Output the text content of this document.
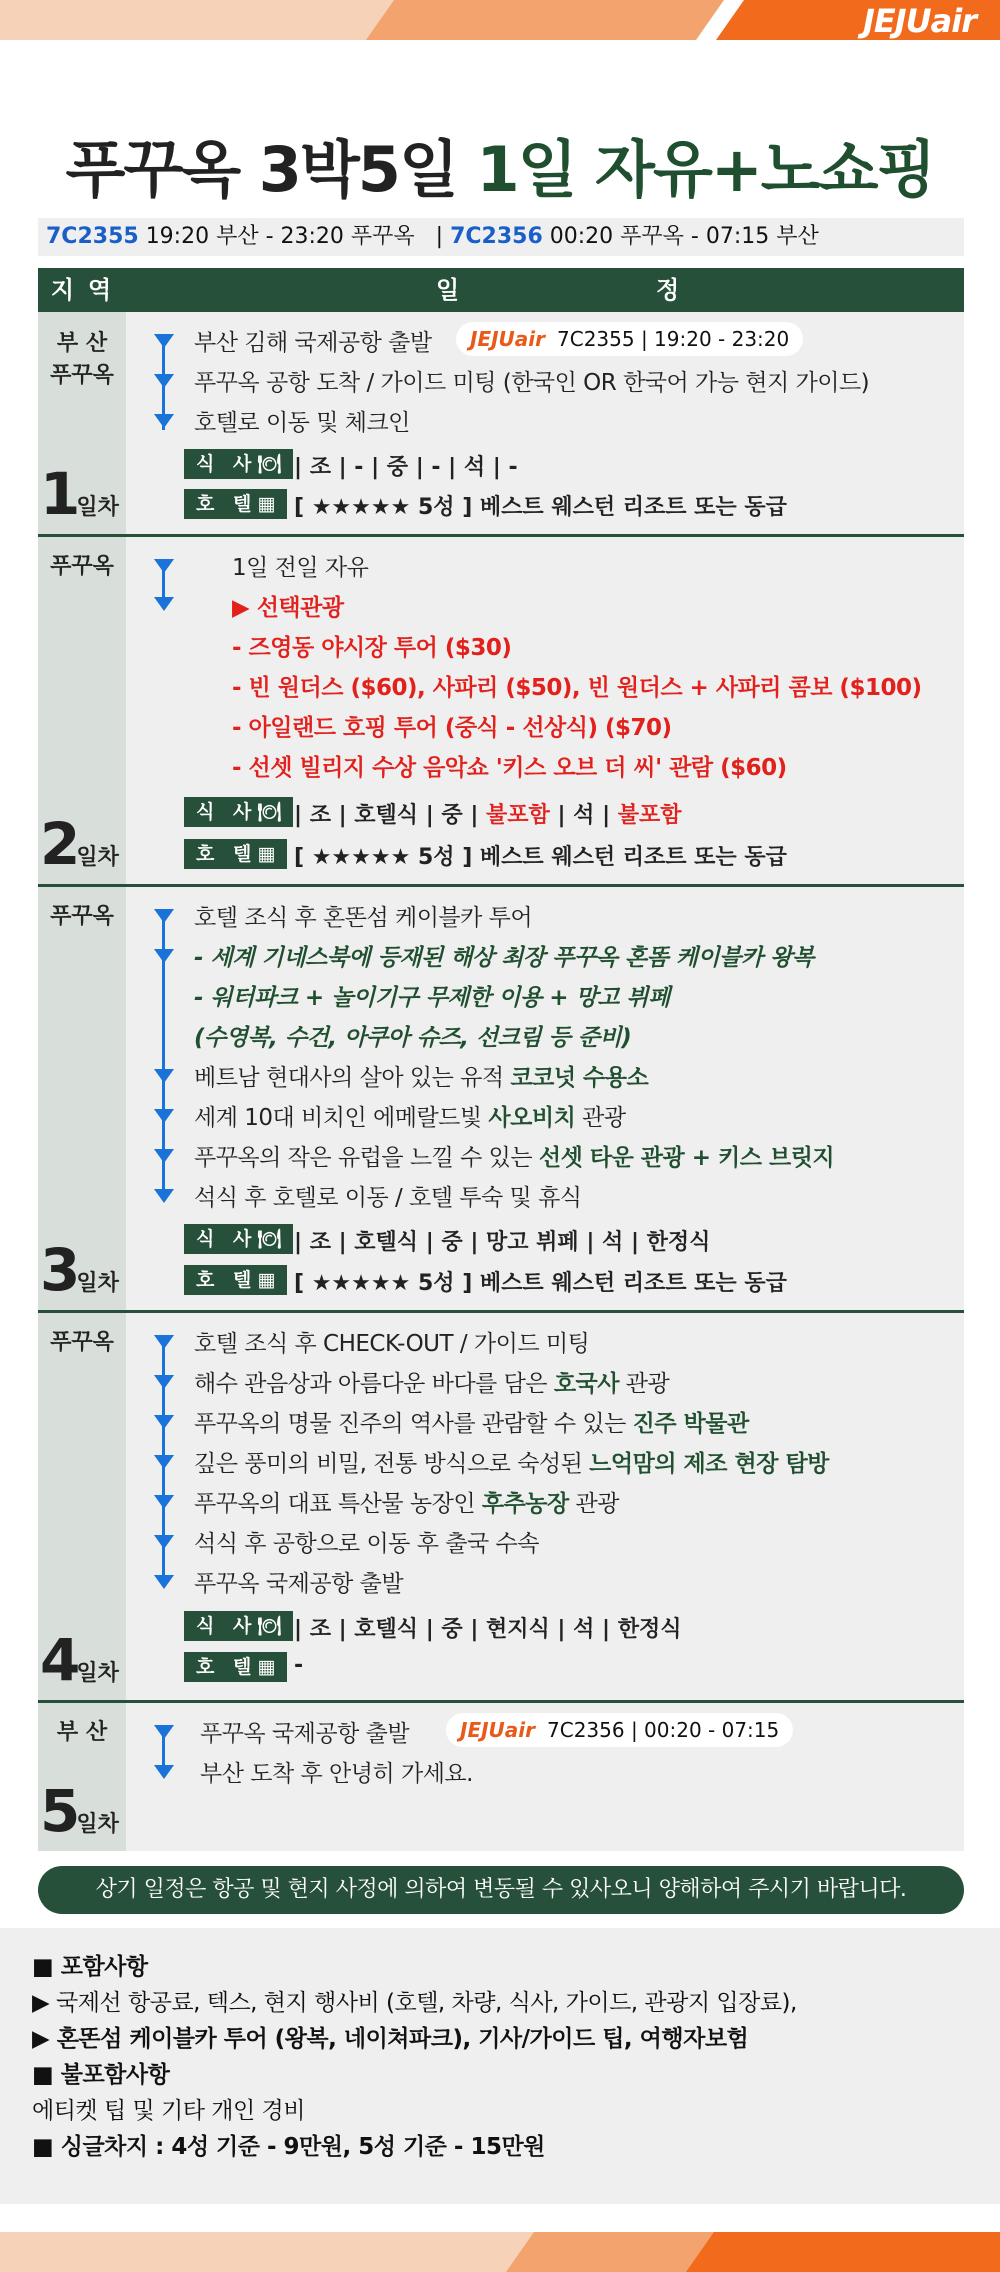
JEJUair
푸꾸옥 3박5일 1일 자유+노쇼핑
7C2355 19:20 부산 - 23:20 푸꾸옥 | 7C2356 00:20 푸꾸옥 - 07:15 부산
지역	일	정
부 산
푸꾸옥
1일차
부산 김해 국제공항 출발	JEJUair 7C2355 | 19:20 - 23:20
푸꾸옥 공항 도착 / 가이드 미팅 (한국인 OR 한국어 가능 현지 가이드)
호텔로 이동 및 체크인
식 사🍽 | 조 | - | 중 | - | 석 | -
호 텔▦ [ ★★★★★ 5성 ] 베스트 웨스턴 리조트 또는 동급
푸꾸옥
2일차
1일 전일 자유
▶ 선택관광
- 즈영동 야시장 투어 ($30)
- 빈 원더스 ($60), 사파리 ($50), 빈 원더스 + 사파리 콤보 ($100)
- 아일랜드 호핑 투어 (중식 - 선상식) ($70)
- 선셋 빌리지 수상 음악쇼 '키스 오브 더 씨' 관람 ($60)
식 사🍽 | 조 | 호텔식 | 중 | 불포함 | 석 | 불포함
호 텔▦ [ ★★★★★ 5성 ] 베스트 웨스턴 리조트 또는 동급
푸꾸옥
3일차
호텔 조식 후 혼똔섬 케이블카 투어
- 세계 기네스북에 등재된 해상 최장 푸꾸옥 혼똠 케이블카 왕복
- 워터파크 + 놀이기구 무제한 이용 + 망고 뷔페
(수영복, 수건, 아쿠아 슈즈, 선크림 등 준비)
베트남 현대사의 살아 있는 유적 코코넛 수용소
세계 10대 비치인 에메랄드빛 사오비치 관광
푸꾸옥의 작은 유럽을 느낄 수 있는 선셋 타운 관광 + 키스 브릿지
석식 후 호텔로 이동 / 호텔 투숙 및 휴식
식 사🍽 | 조 | 호텔식 | 중 | 망고 뷔페 | 석 | 한정식
호 텔▦ [ ★★★★★ 5성 ] 베스트 웨스턴 리조트 또는 동급
푸꾸옥
4일차
호텔 조식 후 CHECK-OUT / 가이드 미팅
해수 관음상과 아름다운 바다를 담은 호국사 관광
푸꾸옥의 명물 진주의 역사를 관람할 수 있는 진주 박물관
깊은 풍미의 비밀, 전통 방식으로 숙성된 느억맘의 제조 현장 탐방
푸꾸옥의 대표 특산물 농장인 후추농장 관광
석식 후 공항으로 이동 후 출국 수속
푸꾸옥 국제공항 출발
식 사🍽 | 조 | 호텔식 | 중 | 현지식 | 석 | 한정식
호 텔▦ -
부 산
5일차
푸꾸옥 국제공항 출발	JEJUair 7C2356 | 00:20 - 07:15
부산 도착 후 안녕히 가세요.
상기 일정은 항공 및 현지 사정에 의하여 변동될 수 있사오니 양해하여 주시기 바랍니다.
■ 포함사항
▶ 국제선 항공료, 텍스, 현지 행사비 (호텔, 차량, 식사, 가이드, 관광지 입장료),
▶ 혼똔섬 케이블카 투어 (왕복, 네이쳐파크), 기사/가이드 팁, 여행자보험
■ 불포함사항
에티켓 팁 및 기타 개인 경비
■ 싱글차지 : 4성 기준 - 9만원, 5성 기준 - 15만원
